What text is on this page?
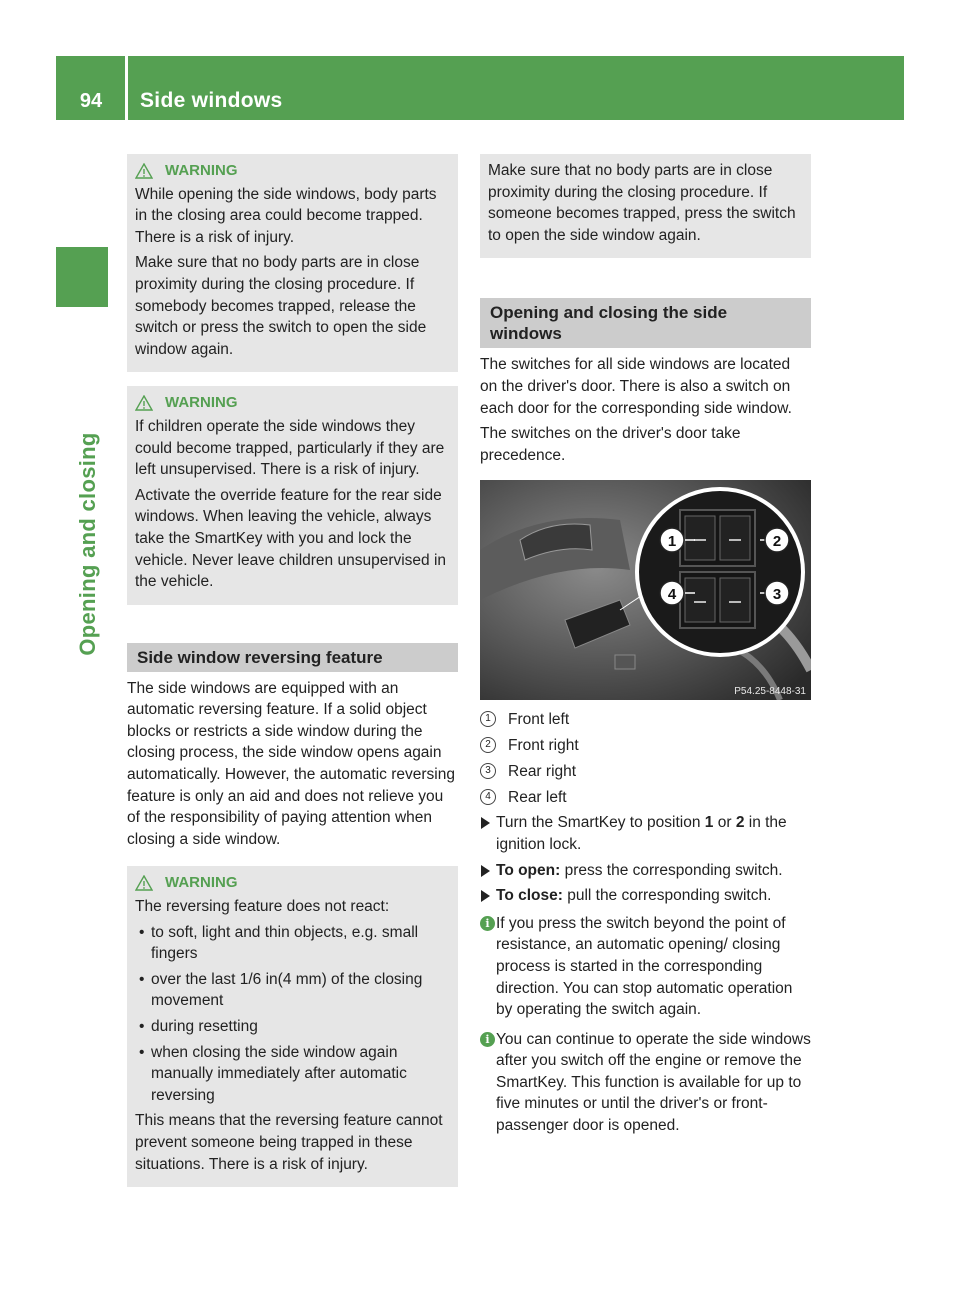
94	Side windows
Opening and closing
WARNING

While opening the side windows, body parts in the closing area could become trapped. There is a risk of injury.

Make sure that no body parts are in close proximity during the closing procedure. If somebody becomes trapped, release the switch or press the switch to open the side window again.

WARNING

If children operate the side windows they could become trapped, particularly if they are left unsupervised. There is a risk of injury.

Activate the override feature for the rear side windows. When leaving the vehicle, always take the SmartKey with you and lock the vehicle. Never leave children unsupervised in the vehicle.

Side window reversing feature

The side windows are equipped with an automatic reversing feature. If a solid object blocks or restricts a side window during the closing process, the side window opens again automatically. However, the automatic reversing feature is only an aid and does not relieve you of the responsibility of paying attention when closing a side window.

WARNING

The reversing feature does not react:

• to soft, light and thin objects, e.g. small fingers
• over the last 1/6 in(4 mm) of the closing movement
• during resetting
• when closing the side window again manually immediately after automatic reversing

This means that the reversing feature cannot prevent someone being trapped in these situations. There is a risk of injury.

Make sure that no body parts are in close proximity during the closing procedure. If someone becomes trapped, press the switch to open the side window again.

Opening and closing the side windows

The switches for all side windows are located on the driver's door. There is also a switch on each door for the corresponding side window.

The switches on the driver's door take precedence.

1	2
3
4
P54.25-8448-31
1	Front left
2	Front right
3	Rear right
4	Rear left

Turn the SmartKey to position 1 or 2 in the ignition lock.

To open: press the corresponding switch.

To close: pull the corresponding switch.

i If you press the switch beyond the point of resistance, an automatic opening/ closing process is started in the corresponding direction. You can stop automatic operation by operating the switch again.

i You can continue to operate the side windows after you switch off the engine or remove the SmartKey. This function is available for up to five minutes or until the driver's or front-passenger door is opened.
